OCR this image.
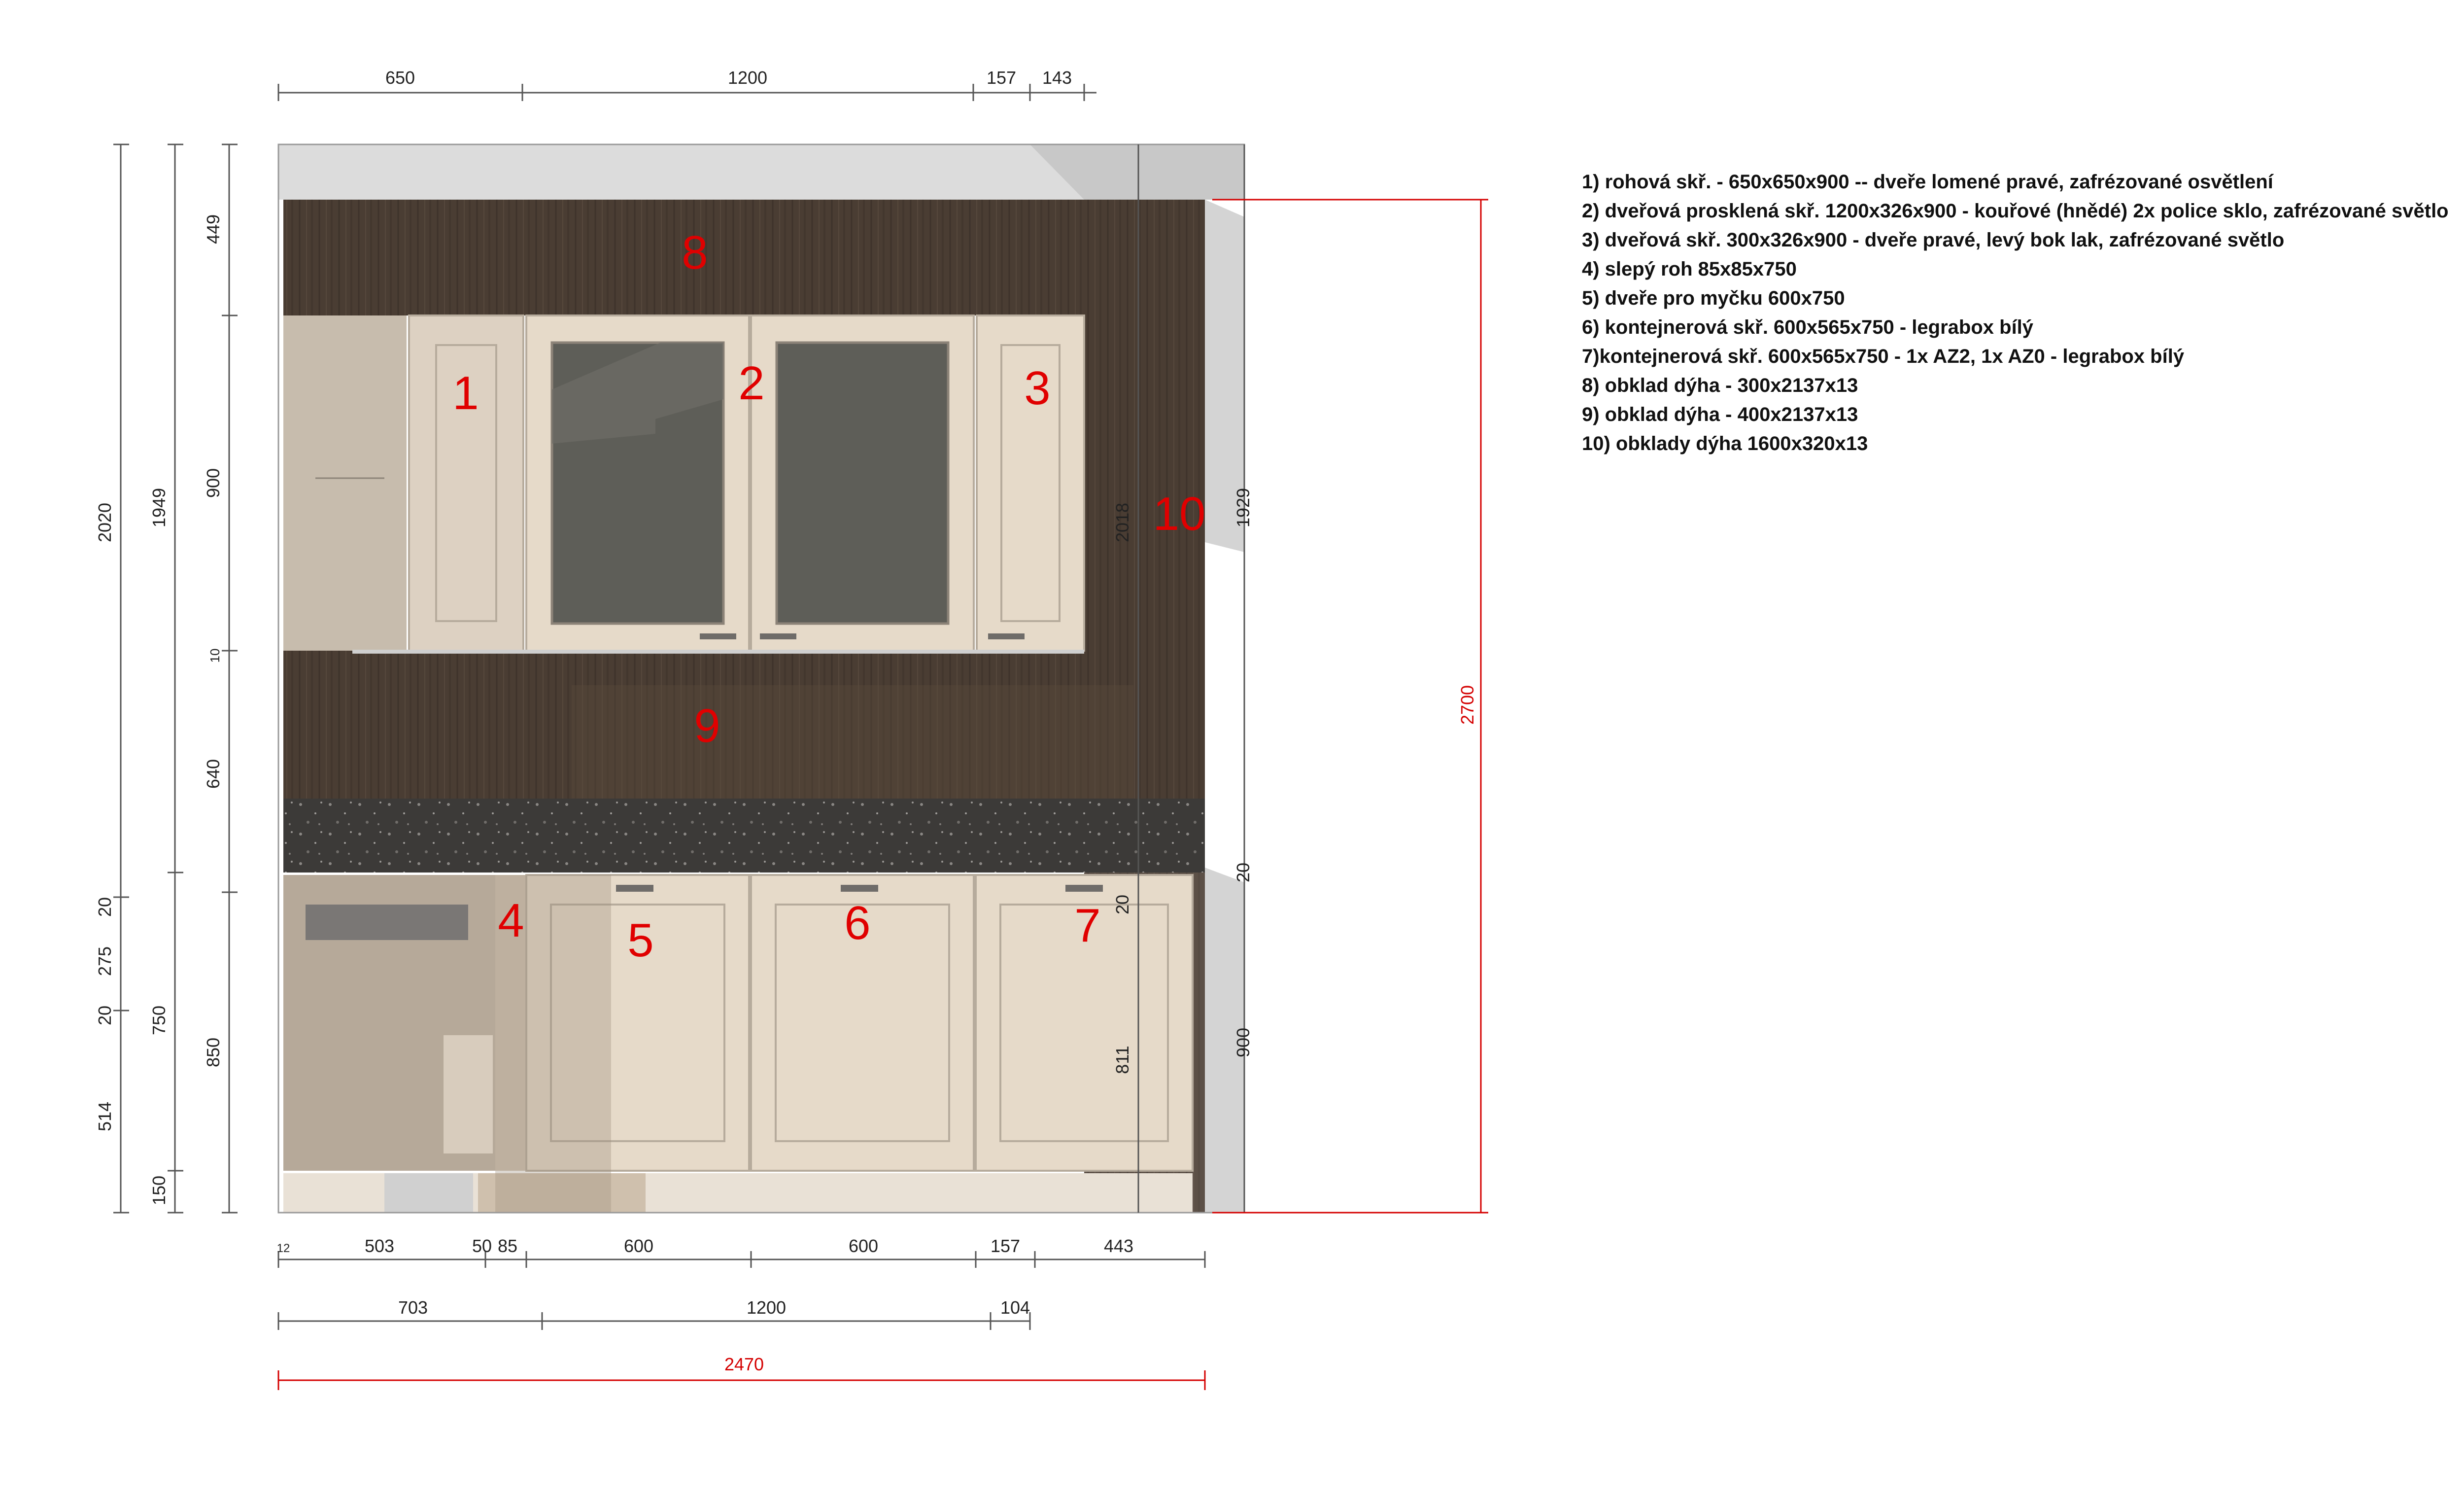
650	1200	157 143
2020
20
275
20
514
1949
750
150
449
900
10
640
850
12	503	50 85	600	600	157	443
703	1200	104
2470
2018	1929
20
900
20
811
2700
1	2	3
4 5	6	7
8
9
10
1) rohová skř. - 650x650x900 -- dveře lomené pravé, zafrézované osvětlení
2) dveřová prosklená skř. 1200x326x900 - kouřové (hnědé) 2x police sklo, zafrézované světlo
3) dveřová skř. 300x326x900 - dveře pravé, levý bok lak, zafrézované světlo
4) slepý roh 85x85x750
5) dveře pro myčku 600x750
6) kontejnerová skř. 600x565x750 - legrabox bílý
7)kontejnerová skř. 600x565x750 - 1x AZ2, 1x AZ0 - legrabox bílý
8) obklad dýha - 300x2137x13
9) obklad dýha - 400x2137x13
10) obklady dýha 1600x320x13
